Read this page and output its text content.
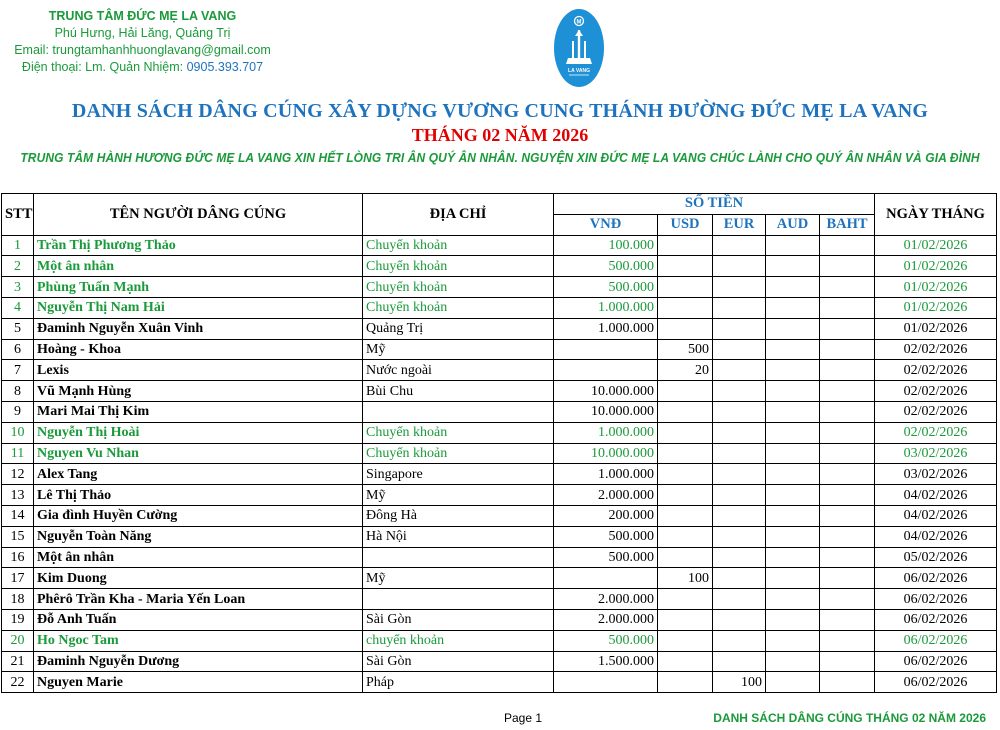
TRUNG TÂM ĐỨC MẸ LA VANG
Phú Hưng, Hải Lăng, Quảng Trị
Email: trungtamhanhhuonglavang@gmail.com
Điện thoại: Lm. Quản Nhiệm: 0905.393.707
M
LA VANG
DANH SÁCH DÂNG CÚNG XÂY DỰNG VƯƠNG CUNG THÁNH ĐƯỜNG ĐỨC MẸ LA VANG
THÁNG 02 NĂM 2026
TRUNG TÂM HÀNH HƯƠNG ĐỨC MẸ LA VANG XIN HẾT LÒNG TRI ÂN QUÝ ÂN NHÂN. NGUYỆN XIN ĐỨC MẸ LA VANG CHÚC LÀNH CHO QUÝ ÂN NHÂN VÀ GIA ĐÌNH
STT	TÊN NGƯỜI DÂNG CÚNG	ĐỊA CHỈ	SỐ TIỀN					NGÀY THÁNG
			VNĐ	USD	EUR	AUD	BAHT	
1	Trần Thị Phương Thảo	Chuyển khoản	100.000					01/02/2026
2	Một ân nhân	Chuyển khoản	500.000					01/02/2026
3	Phùng Tuấn Mạnh	Chuyển khoản	500.000					01/02/2026
4	Nguyễn Thị Nam Hải	Chuyển khoản	1.000.000					01/02/2026
5	Đaminh Nguyễn Xuân Vinh	Quảng Trị	1.000.000					01/02/2026
6	Hoàng - Khoa	Mỹ		500				02/02/2026
7	Lexis	Nước ngoài		20				02/02/2026
8	Vũ Mạnh Hùng	Bùi Chu	10.000.000					02/02/2026
9	Mari Mai Thị Kim		10.000.000					02/02/2026
10	Nguyễn Thị Hoài	Chuyển khoản	1.000.000					02/02/2026
11	Nguyen Vu Nhan	Chuyển khoản	10.000.000					03/02/2026
12	Alex Tang	Singapore	1.000.000					03/02/2026
13	Lê Thị Thảo	Mỹ	2.000.000					04/02/2026
14	Gia đình Huyền Cường	Đông Hà	200.000					04/02/2026
15	Nguyễn Toàn Năng	Hà Nội	500.000					04/02/2026
16	Một ân nhân		500.000					05/02/2026
17	Kim Duong	Mỹ		100				06/02/2026
18	Phêrô Trần Kha - Maria Yến Loan		2.000.000					06/02/2026
19	Đỗ Anh Tuấn	Sài Gòn	2.000.000					06/02/2026
20	Ho Ngoc Tam	chuyển khoản	500.000					06/02/2026
21	Đaminh Nguyễn Dương	Sài Gòn	1.500.000					06/02/2026
22	Nguyen Marie	Pháp			100			06/02/2026
Page 1	DANH SÁCH DÂNG CÚNG THÁNG 02 NĂM 2026
